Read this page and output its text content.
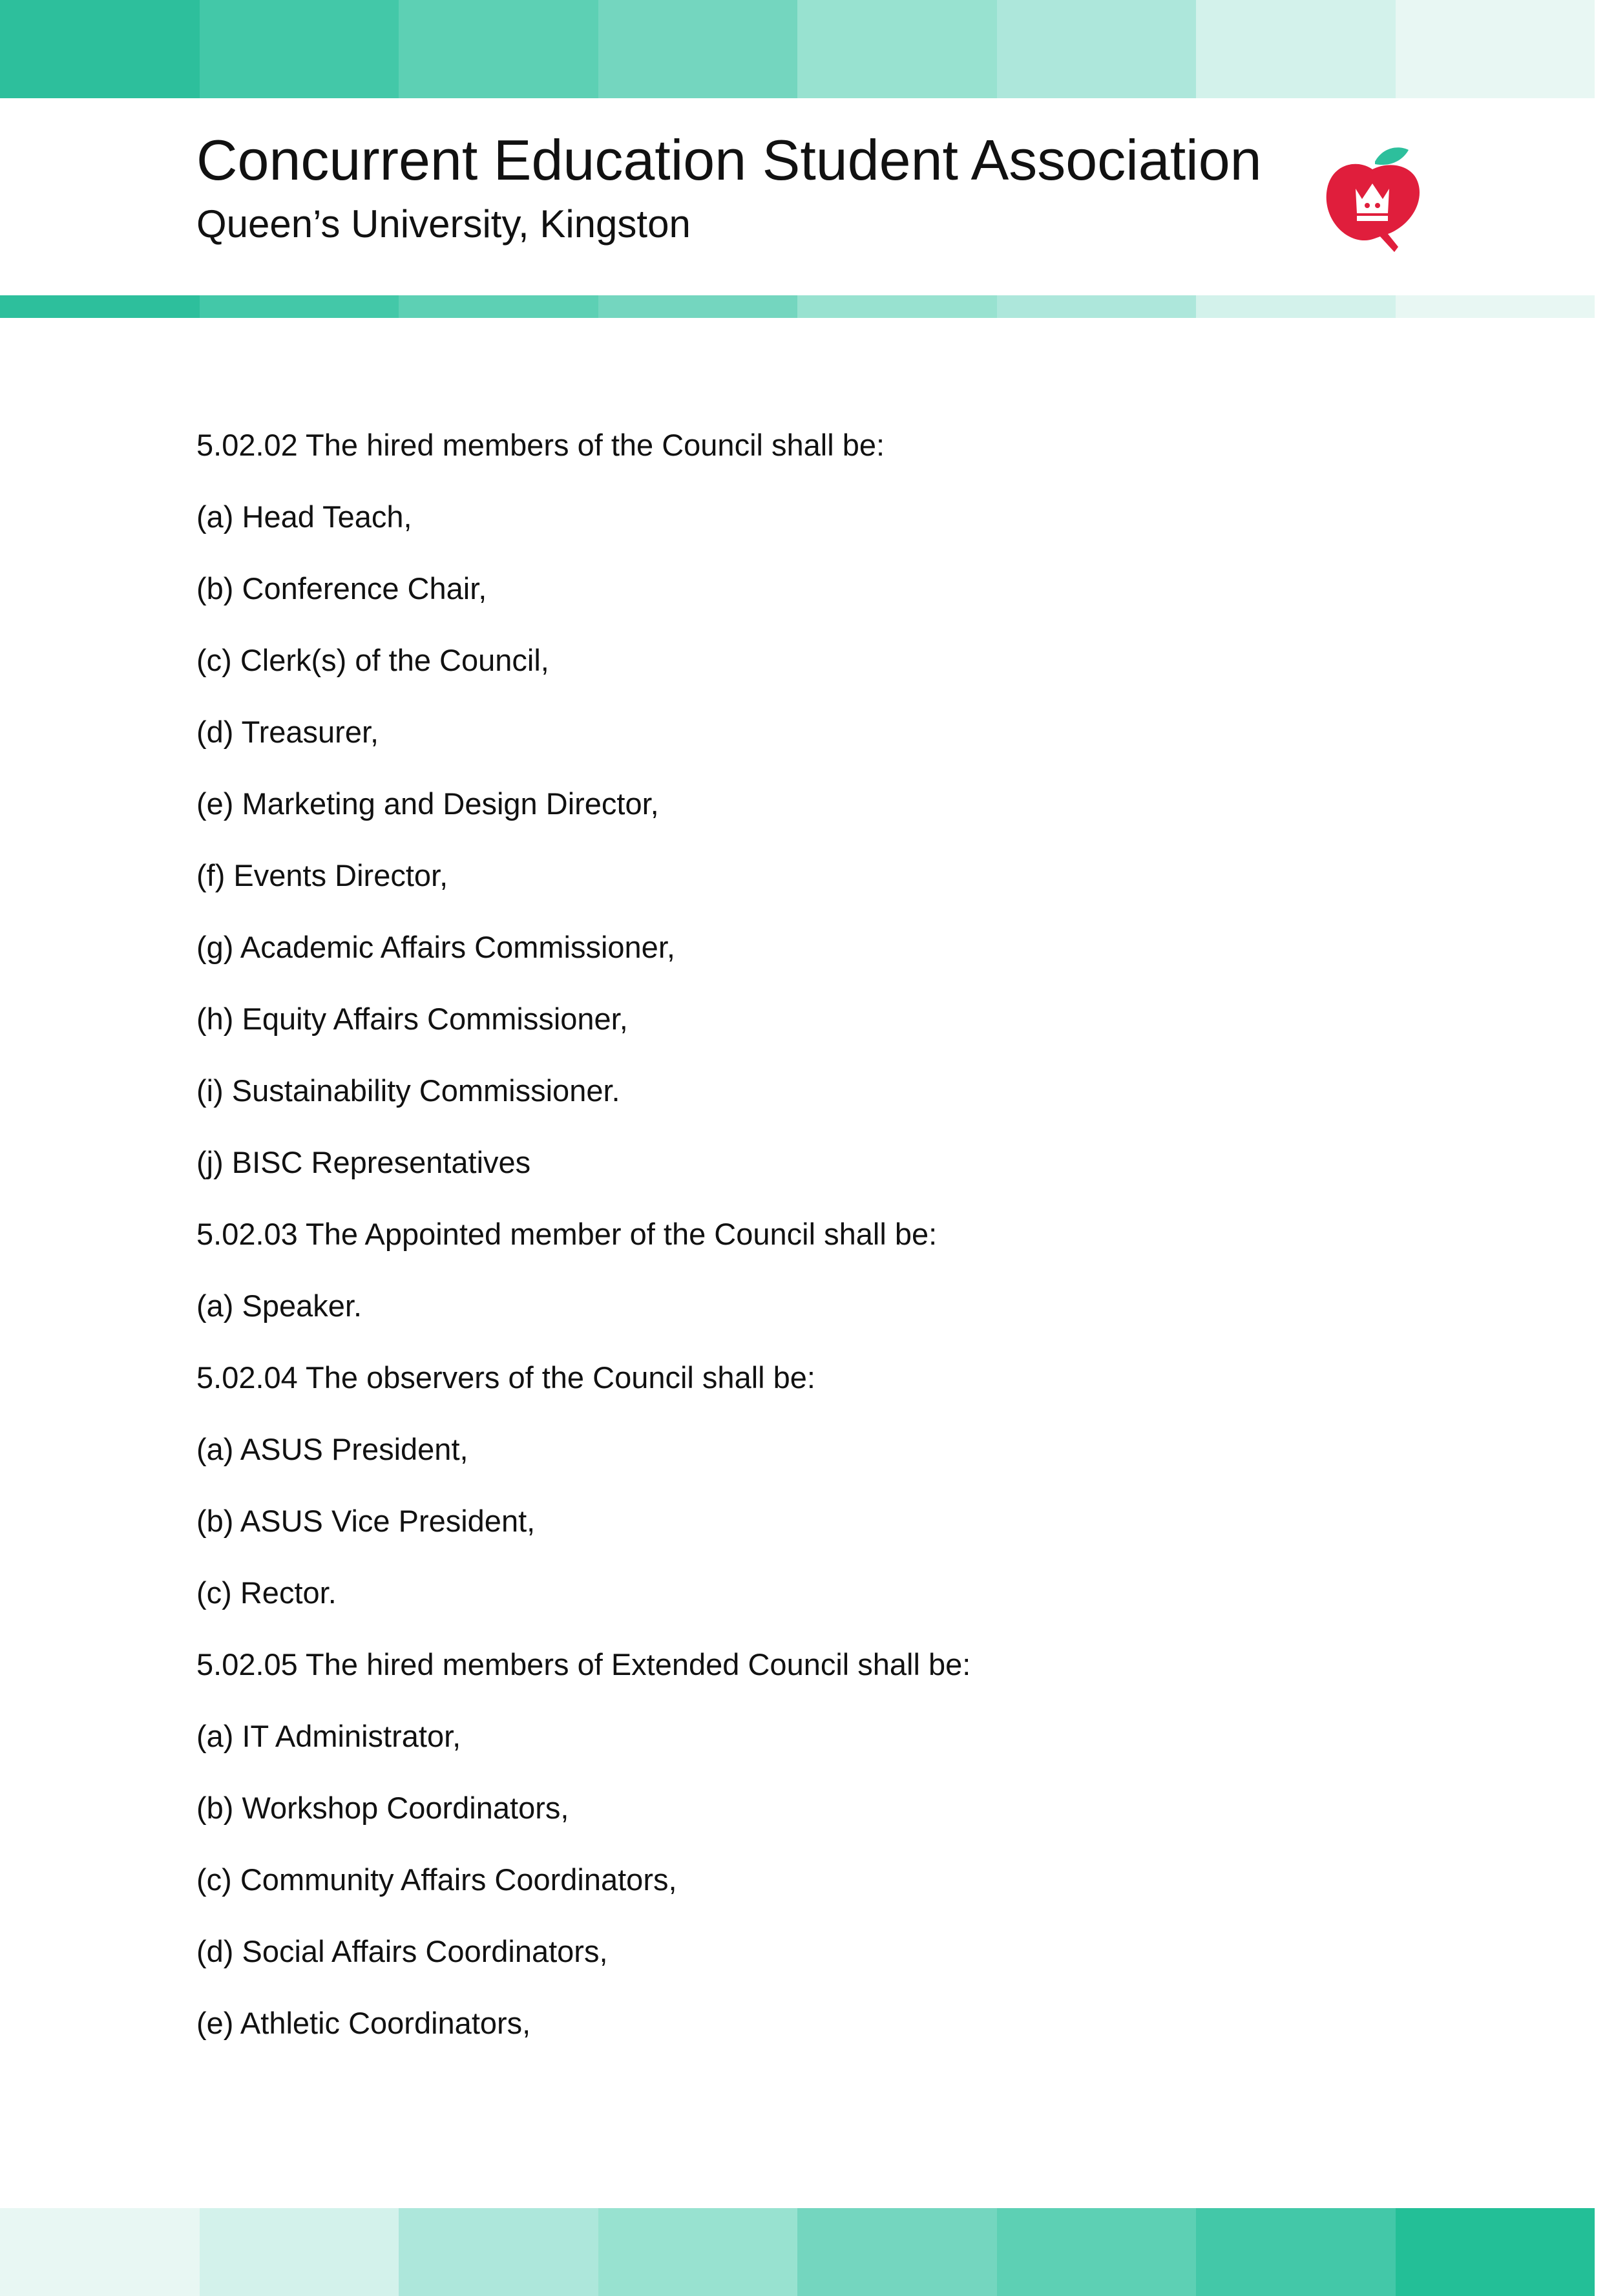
Concurrent Education Student Association
Queen’s University, Kingston
5.02.02 The hired members of the Council shall be:
(a) Head Teach,
(b) Conference Chair,
(c) Clerk(s) of the Council,
(d) Treasurer,
(e) Marketing and Design Director,
(f) Events Director,
(g) Academic Affairs Commissioner,
(h) Equity Affairs Commissioner,
(i) Sustainability Commissioner.
(j) BISC Representatives
5.02.03 The Appointed member of the Council shall be:
(a) Speaker.
5.02.04 The observers of the Council shall be:
(a) ASUS President,
(b) ASUS Vice President,
(c) Rector.
5.02.05 The hired members of Extended Council shall be:
(a) IT Administrator,
(b) Workshop Coordinators,
(c) Community Affairs Coordinators,
(d) Social Affairs Coordinators,
(e) Athletic Coordinators,
